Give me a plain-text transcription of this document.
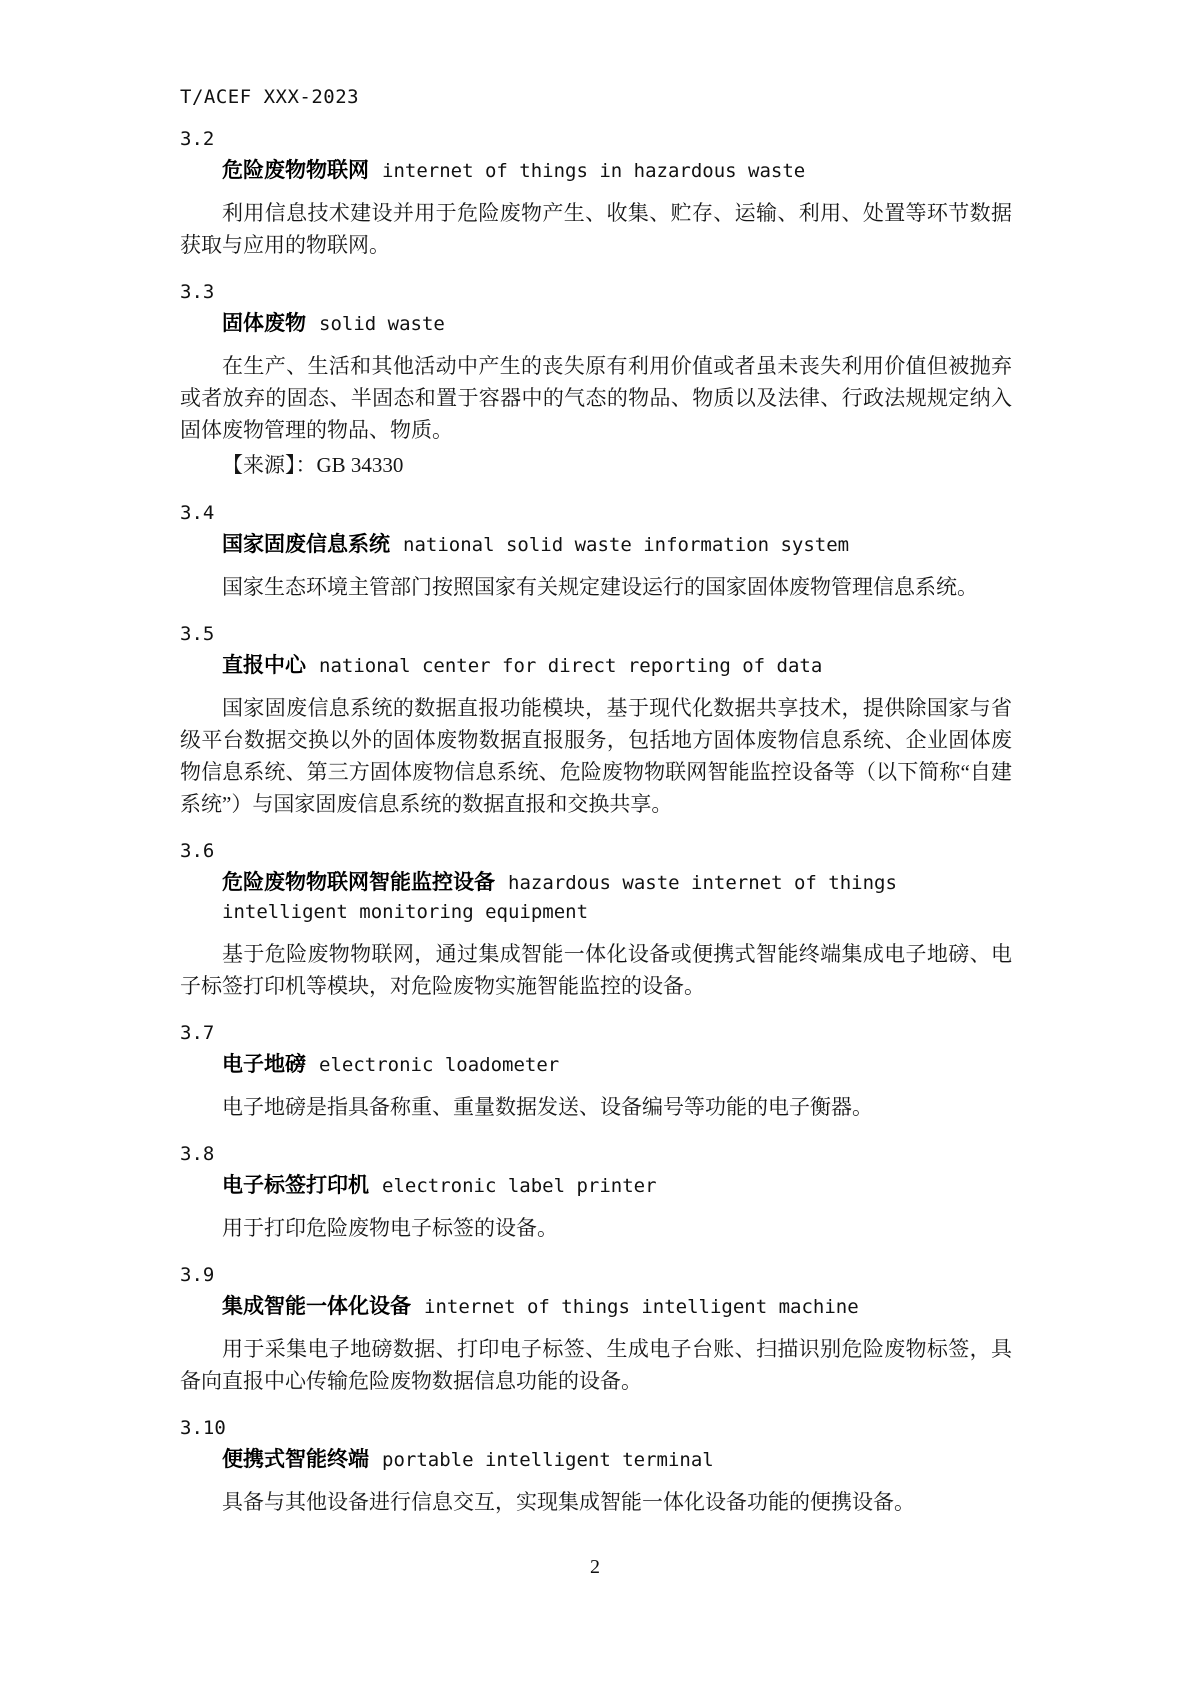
T/ACEF XXX-2023
3.2
危险废物物联网 internet of things in hazardous waste

利用信息技术建设并用于危险废物产生、收集、贮存、运输、利用、处置等环节数据获取与应用的物联网。

3.3
固体废物 solid waste

在生产、生活和其他活动中产生的丧失原有利用价值或者虽未丧失利用价值但被抛弃或者放弃的固态、半固态和置于容器中的气态的物品、物质以及法律、行政法规规定纳入固体废物管理的物品、物质。

【来源】：GB 34330
3.4
国家固废信息系统 national solid waste information system

国家生态环境主管部门按照国家有关规定建设运行的国家固体废物管理信息系统。

3.5
直报中心 national center for direct reporting of data

国家固废信息系统的数据直报功能模块，基于现代化数据共享技术，提供除国家与省级平台数据交换以外的固体废物数据直报服务，包括地方固体废物信息系统、企业固体废物信息系统、第三方固体废物信息系统、危险废物物联网智能监控设备等（以下简称“自建系统”）与国家固废信息系统的数据直报和交换共享。

3.6
危险废物物联网智能监控设备 hazardous waste internet of things intelligent monitoring equipment

基于危险废物物联网，通过集成智能一体化设备或便携式智能终端集成电子地磅、电子标签打印机等模块，对危险废物实施智能监控的设备。

3.7
电子地磅 electronic loadometer

电子地磅是指具备称重、重量数据发送、设备编号等功能的电子衡器。

3.8
电子标签打印机 electronic label printer

用于打印危险废物电子标签的设备。

3.9
集成智能一体化设备 internet of things intelligent machine

用于采集电子地磅数据、打印电子标签、生成电子台账、扫描识别危险废物标签，具备向直报中心传输危险废物数据信息功能的设备。

3.10
便携式智能终端 portable intelligent terminal

具备与其他设备进行信息交互，实现集成智能一体化设备功能的便携设备。

2
